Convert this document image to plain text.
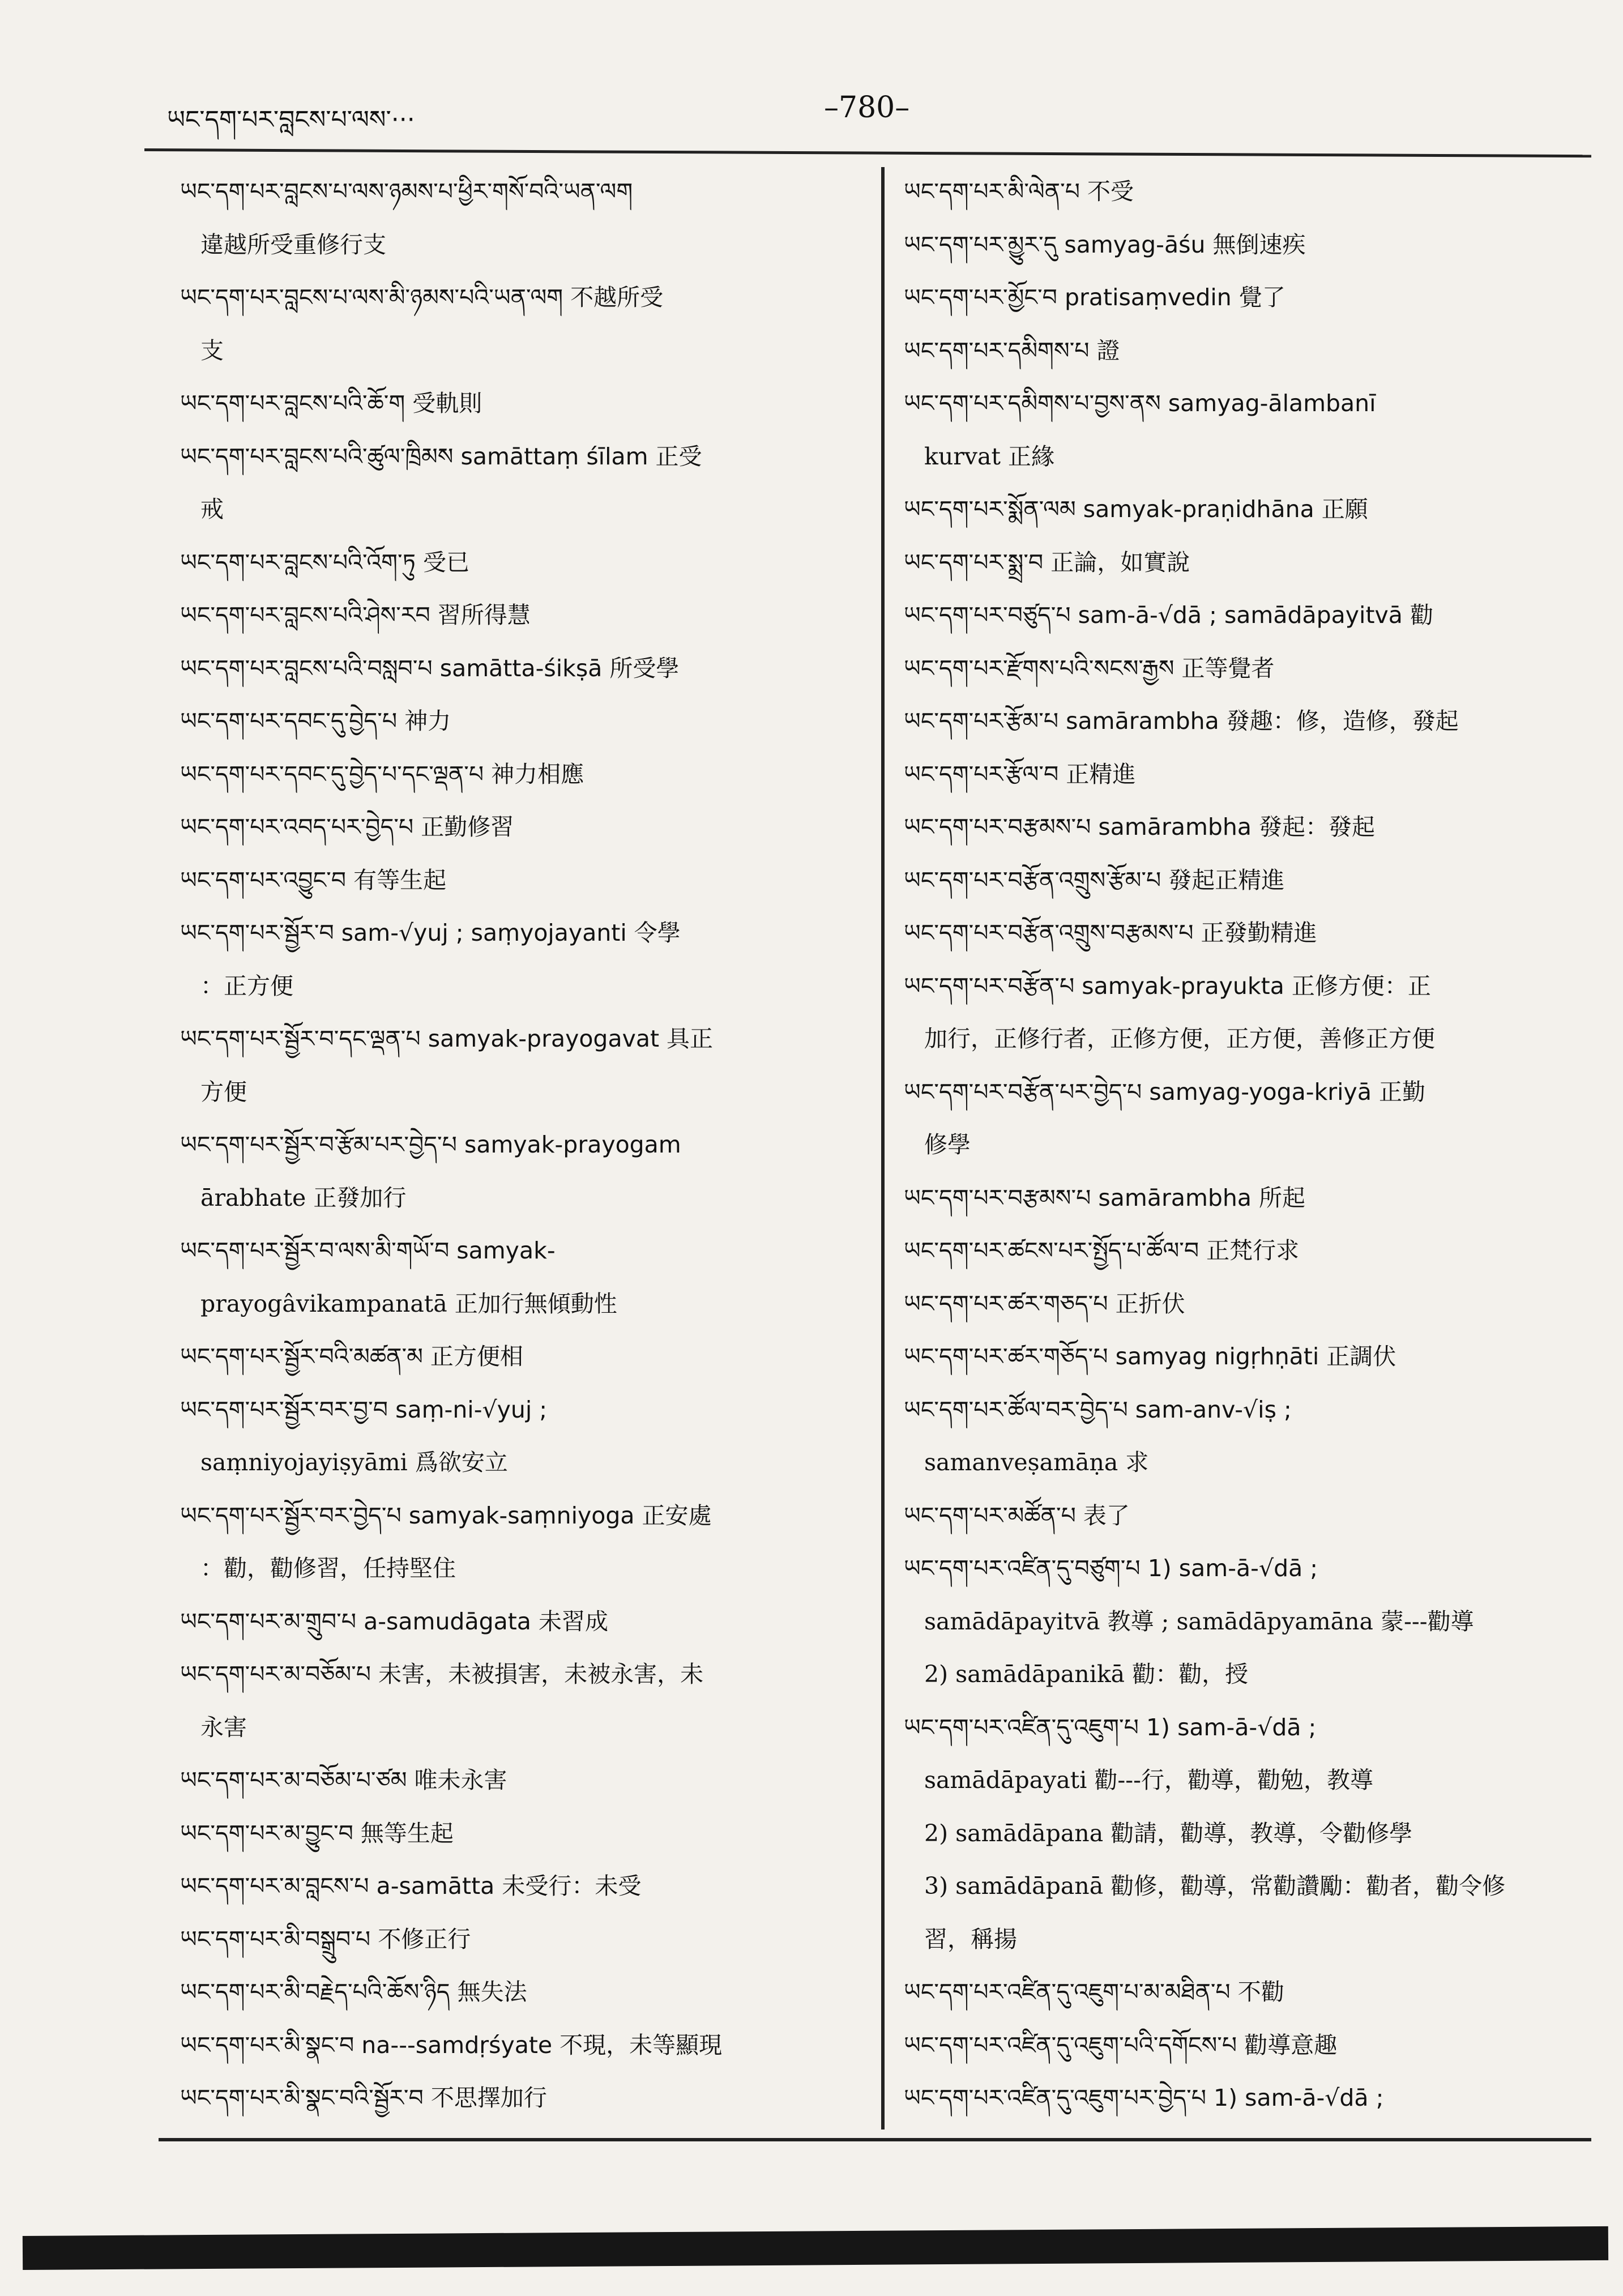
ཡང་དག་པར་བླངས་པ་ལས་···	–780–
ཡང་དག་པར་བླངས་པ་ལས་ཉམས་པ་ཕྱིར་གསོ་བའི་ཡན་ལག
違越所受重修行支
ཡང་དག་པར་བླངས་པ་ལས་མི་ཉམས་པའི་ཡན་ལག 不越所受
支
ཡང་དག་པར་བླངས་པའི་ཆོ་ག 受軌則
ཡང་དག་པར་བླངས་པའི་ཚུལ་ཁྲིམས samāttaṃ śīlam 正受
戒
ཡང་དག་པར་བླངས་པའི་འོག་ཏུ 受已
ཡང་དག་པར་བླངས་པའི་ཤེས་རབ 習所得慧
ཡང་དག་པར་བླངས་པའི་བསླབ་པ samātta-śikṣā 所受學
ཡང་དག་པར་དབང་དུ་བྱེད་པ 神力
ཡང་དག་པར་དབང་དུ་བྱེད་པ་དང་ལྡན་པ 神力相應
ཡང་དག་པར་འབད་པར་བྱེད་པ 正勤修習
ཡང་དག་པར་འབྱུང་བ 有等生起
ཡང་དག་པར་སྦྱོར་བ sam-√yuj ; saṃyojayanti 令學
：正方便
ཡང་དག་པར་སྦྱོར་བ་དང་ལྡན་པ samyak-prayogavat 具正
方便
ཡང་དག་པར་སྦྱོར་བ་རྩོམ་པར་བྱེད་པ samyak-prayogam
ārabhate 正發加行
ཡང་དག་པར་སྦྱོར་བ་ལས་མི་གཡོ་བ samyak-
prayogâvikampanatā 正加行無傾動性
ཡང་དག་པར་སྦྱོར་བའི་མཚན་མ 正方便相
ཡང་དག་པར་སྦྱོར་བར་བྱ་བ saṃ-ni-√yuj ;
saṃniyojayiṣyāmi 爲欲安立
ཡང་དག་པར་སྦྱོར་བར་བྱེད་པ samyak-saṃniyoga 正安處
：勸，勸修習，任持堅住
ཡང་དག་པར་མ་གྲུབ་པ a-samudāgata 未習成
ཡང་དག་པར་མ་བཅོམ་པ 未害，未被損害，未被永害，未
永害
ཡང་དག་པར་མ་བཅོམ་པ་ཙམ 唯未永害
ཡང་དག་པར་མ་བྱུང་བ 無等生起
ཡང་དག་པར་མ་བླངས་པ a-samātta 未受行：未受
ཡང་དག་པར་མི་བསྒྲུབ་པ 不修正行
ཡང་དག་པར་མི་བརྗེད་པའི་ཆོས་ཉིད 無失法
ཡང་དག་པར་མི་སྣང་བ na---samdṛśyate 不現，未等顯現
ཡང་དག་པར་མི་སྣང་བའི་སྦྱོར་བ 不思擇加行
ཡང་དག་པར་མི་ལེན་པ 不受
ཡང་དག་པར་མྱུར་དུ samyag-āśu 無倒速疾
ཡང་དག་པར་མྱོང་བ pratisaṃvedin 覺了
ཡང་དག་པར་དམིགས་པ 證
ཡང་དག་པར་དམིགས་པ་བྱས་ནས samyag-ālambanī
kurvat 正緣
ཡང་དག་པར་སྨོན་ལམ samyak-praṇidhāna 正願
ཡང་དག་པར་སྨྲ་བ 正論，如實說
ཡང་དག་པར་བཙུད་པ sam-ā-√dā ; samādāpayitvā 勸
ཡང་དག་པར་རྫོགས་པའི་སངས་རྒྱས 正等覺者
ཡང་དག་པར་རྩོམ་པ samārambha 發趣：修，造修，發起
ཡང་དག་པར་རྩོལ་བ 正精進
ཡང་དག་པར་བརྩམས་པ samārambha 發起：發起
ཡང་དག་པར་བརྩོན་འགྲུས་རྩོམ་པ 發起正精進
ཡང་དག་པར་བརྩོན་འགྲུས་བརྩམས་པ 正發勤精進
ཡང་དག་པར་བརྩོན་པ samyak-prayukta 正修方便：正
加行，正修行者，正修方便，正方便，善修正方便
ཡང་དག་པར་བརྩོན་པར་བྱེད་པ samyag-yoga-kriyā 正勤
修學
ཡང་དག་པར་བརྩམས་པ samārambha 所起
ཡང་དག་པར་ཚངས་པར་སྤྱོད་པ་ཚོལ་བ 正梵行求
ཡང་དག་པར་ཚར་གཅད་པ 正折伏
ཡང་དག་པར་ཚར་གཅོད་པ samyag nigṛhṇāti 正調伏
ཡང་དག་པར་ཚོལ་བར་བྱེད་པ sam-anv-√iṣ ;
samanveṣamāṇa 求
ཡང་དག་པར་མཚོན་པ 表了
ཡང་དག་པར་འཛིན་དུ་བཙུག་པ 1) sam-ā-√dā ;
samādāpayitvā 教導 ; samādāpyamāna 蒙---勸導
2) samādāpanikā 勸：勸，授
ཡང་དག་པར་འཛིན་དུ་འཇུག་པ 1) sam-ā-√dā ;
samādāpayati 勸---行，勸導，勸勉，教導
2) samādāpana 勸請，勸導，教導，令勸修學
3) samādāpanā 勸修，勸導，常勸讚勵：勸者，勸令修
習，稱揚
ཡང་དག་པར་འཛིན་དུ་འཇུག་པ་མ་མཐིན་པ 不勸
ཡང་དག་པར་འཛིན་དུ་འཇུག་པའི་དགོངས་པ 勸導意趣
ཡང་དག་པར་འཛིན་དུ་འཇུག་པར་བྱེད་པ 1) sam-ā-√dā ;
